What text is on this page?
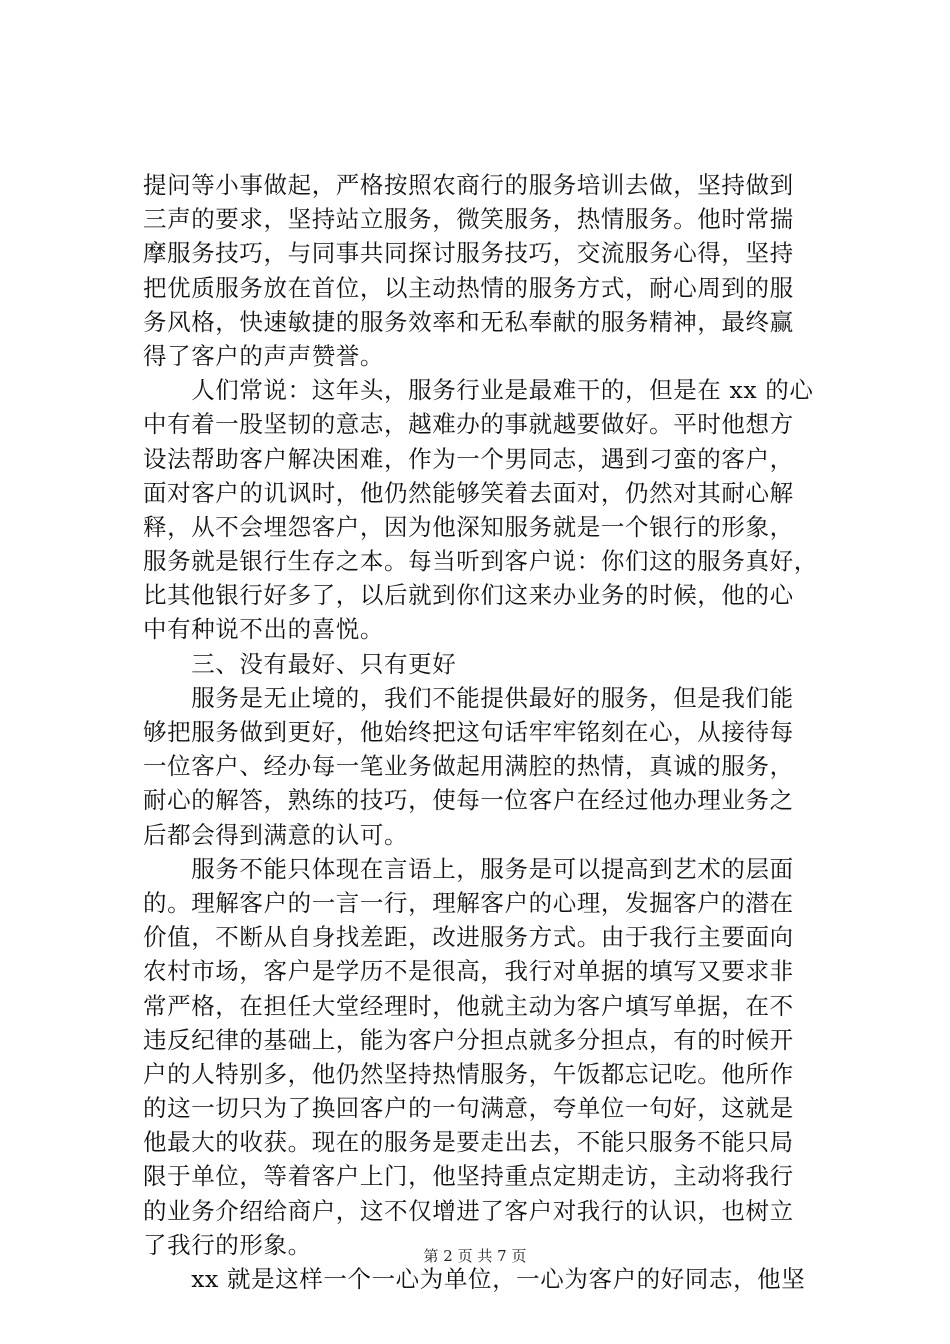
提问等小事做起，严格按照农商行的服务培训去做，坚持做到
三声的要求，坚持站立服务，微笑服务，热情服务。他时常揣
摩服务技巧，与同事共同探讨服务技巧，交流服务心得，坚持
把优质服务放在首位，以主动热情的服务方式，耐心周到的服
务风格，快速敏捷的服务效率和无私奉献的服务精神，最终赢
得了客户的声声赞誉。
　　人们常说：这年头，服务行业是最难干的，但是在 xx 的心
中有着一股坚韧的意志，越难办的事就越要做好。平时他想方
设法帮助客户解决困难，作为一个男同志，遇到刁蛮的客户，
面对客户的讥讽时，他仍然能够笑着去面对，仍然对其耐心解
释，从不会埋怨客户，因为他深知服务就是一个银行的形象，
服务就是银行生存之本。每当听到客户说：你们这的服务真好，
比其他银行好多了，以后就到你们这来办业务的时候，他的心
中有种说不出的喜悦。
　　三、没有最好、只有更好
　　服务是无止境的，我们不能提供最好的服务，但是我们能
够把服务做到更好，他始终把这句话牢牢铭刻在心，从接待每
一位客户、经办每一笔业务做起用满腔的热情，真诚的服务，
耐心的解答，熟练的技巧，使每一位客户在经过他办理业务之
后都会得到满意的认可。
　　服务不能只体现在言语上，服务是可以提高到艺术的层面
的。理解客户的一言一行，理解客户的心理，发掘客户的潜在
价值，不断从自身找差距，改进服务方式。由于我行主要面向
农村市场，客户是学历不是很高，我行对单据的填写又要求非
常严格，在担任大堂经理时，他就主动为客户填写单据，在不
违反纪律的基础上，能为客户分担点就多分担点，有的时候开
户的人特别多，他仍然坚持热情服务，午饭都忘记吃。他所作
的这一切只为了换回客户的一句满意，夸单位一句好，这就是
他最大的收获。现在的服务是要走出去，不能只服务不能只局
限于单位，等着客户上门，他坚持重点定期走访，主动将我行
的业务介绍给商户，这不仅增进了客户对我行的认识，也树立
了我行的形象。
　　xx 就是这样一个一心为单位，一心为客户的好同志，他坚
第 2 页 共 7 页
